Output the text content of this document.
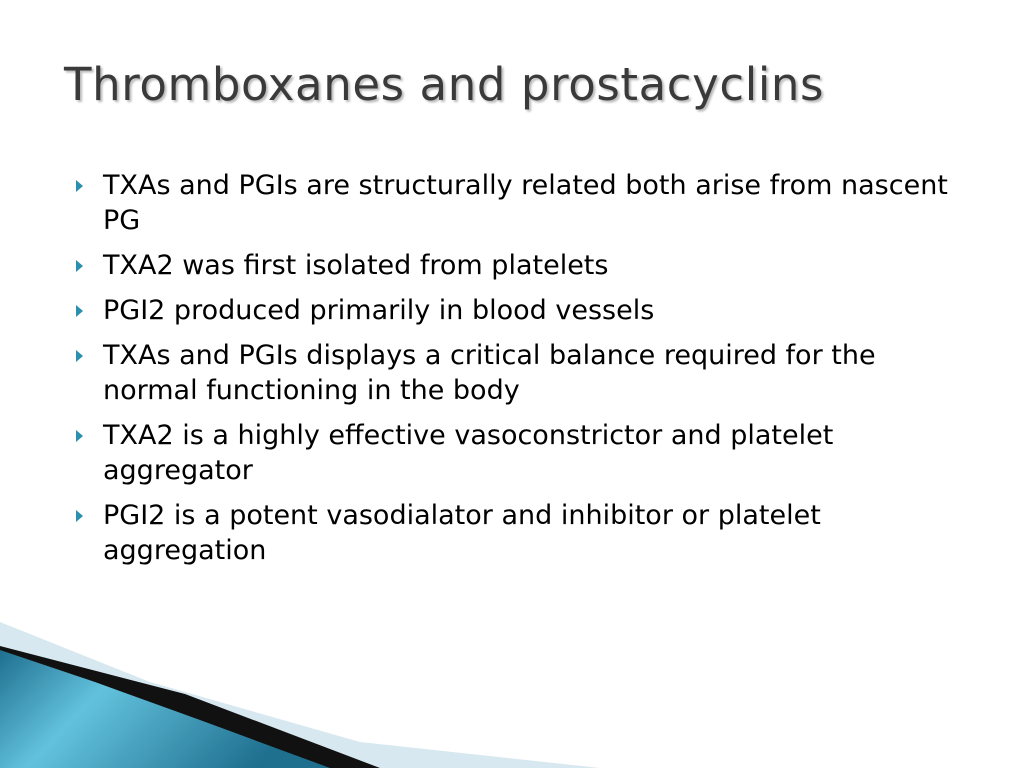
Thromboxanes and prostacyclins
TXAs and PGIs are structurally related both arise from nascent PG
TXA2 was first isolated from platelets
PGI2 produced primarily in blood vessels
TXAs and PGIs displays a critical balance required for the normal functioning in the body
TXA2 is a highly effective vasoconstrictor and platelet aggregator
PGI2 is a potent vasodialator and inhibitor or platelet aggregation
